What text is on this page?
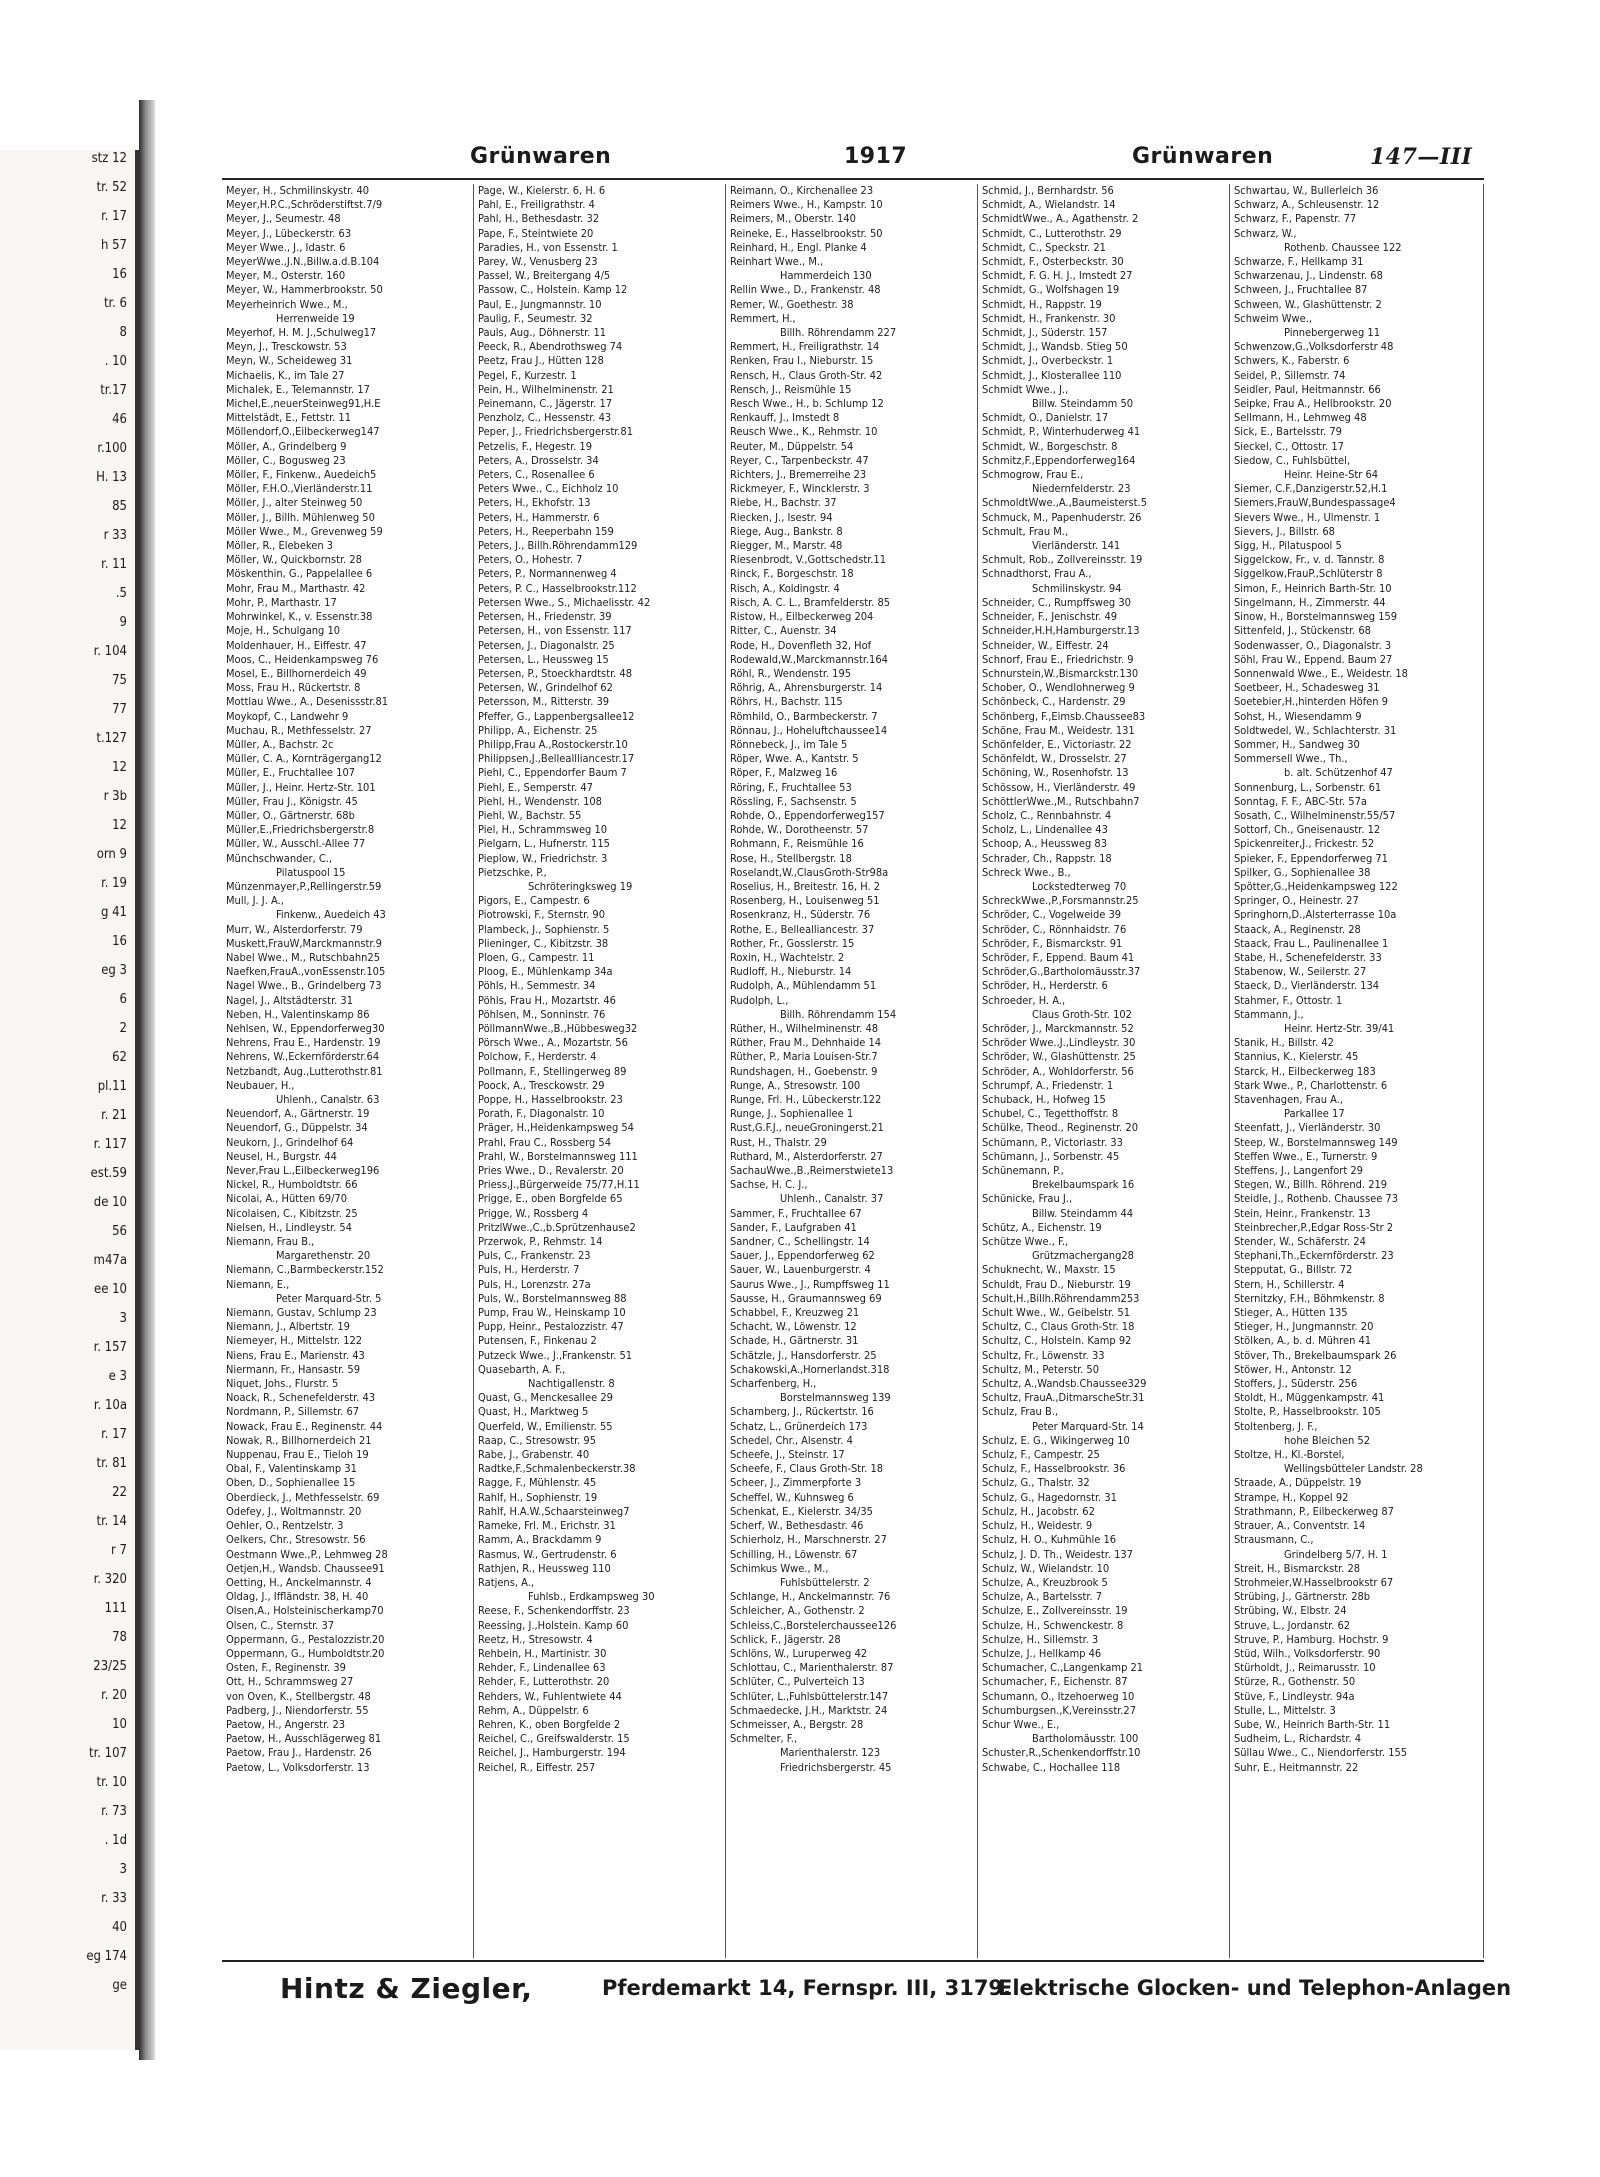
stz 12
tr. 52
r. 17
h 57
16
tr. 6
8
. 10
tr.17
46
r.100
H. 13
85
r 33
r. 11
.5
9
r. 104
75
77
t.127
12
r 3b
12
orn 9
r. 19
g 41
16
eg 3
6
2
62
pl.11
r. 21
r. 117
est.59
de 10
56
m47a
ee 10
3
r. 157
e 3
r. 10a
r. 17
tr. 81
22
tr. 14
r 7
r. 320
111
78
23/25
r. 20
10
tr. 107
tr. 10
r. 73
. 1d
3
r. 33
40
eg 174
ge
Grünwaren	1917	Grünwaren	147—III
Meyer, H., Schmilinskystr. 40
Meyer,H.P.C.,Schröderstiftst.7/9
Meyer, J., Seumestr. 48
Meyer, J., Lübeckerstr. 63
Meyer Wwe., J., Idastr. 6
MeyerWwe.,J.N.,Billw.a.d.B.104
Meyer, M., Osterstr. 160
Meyer, W., Hammerbrookstr. 50
Meyerheinrich Wwe., M.,
Herrenweide 19
Meyerhof, H. M. J.,Schulweg17
Meyn, J., Tresckowstr. 53
Meyn, W., Scheideweg 31
Michaelis, K., im Tale 27
Michalek, E., Telemannstr. 17
Michel,E.,neuerSteinweg91,H.E
Mittelstädt, E., Fettstr. 11
Möllendorf,O.,Eilbeckerweg147
Möller, A., Grindelberg 9
Möller, C., Bogusweg 23
Möller, F., Finkenw., Auedeich5
Möller, F.H.O.,Vierländerstr.11
Möller, J., alter Steinweg 50
Möller, J., Billh. Mühlenweg 50
Möller Wwe., M., Grevenweg 59
Möller, R., Elebeken 3
Möller, W., Quickbornstr. 28
Möskenthin, G., Pappelallee 6
Mohr, Frau M., Marthastr. 42
Mohr, P., Marthastr. 17
Mohrwinkel, K., v. Essenstr.38
Moje, H., Schulgang 10
Moldenhauer, H., Eiffestr. 47
Moos, C., Heidenkampsweg 76
Mosel, E., Billhornerdeich 49
Moss, Frau H., Rückertstr. 8
Mottlau Wwe., A., Desenissstr.81
Moykopf, C., Landwehr 9
Muchau, R., Methfesselstr. 27
Müller, A., Bachstr. 2c
Müller, C. A., Kornträgergang12
Müller, E., Fruchtallee 107
Müller, J., Heinr. Hertz-Str. 101
Müller, Frau J., Königstr. 45
Müller, O., Gärtnerstr. 68b
Müller,E.,Friedrichsbergerstr.8
Müller, W., Ausschl.-Allee 77
Münchschwander, C.,
Pilatuspool 15
Münzenmayer,P.,Rellingerstr.59
Mull, J. J. A.,
Finkenw., Auedeich 43
Murr, W., Alsterdorferstr. 79
Muskett,FrauW,Marckmannstr.9
Nabel Wwe., M., Rutschbahn25
Naefken,FrauA.,vonEssenstr.105
Nagel Wwe., B., Grindelberg 73
Nagel, J., Altstädterstr. 31
Neben, H., Valentinskamp 86
Nehlsen, W., Eppendorferweg30
Nehrens, Frau E., Hardenstr. 19
Nehrens, W.,Eckernförderstr.64
Netzbandt, Aug.,Lutterothstr.81
Neubauer, H.,
Uhlenh., Canalstr. 63
Neuendorf, A., Gärtnerstr. 19
Neuendorf, G., Düppelstr. 34
Neukorn, J., Grindelhof 64
Neusel, H., Burgstr. 44
Never,Frau L.,Eilbeckerweg196
Nickel, R., Humboldtstr. 66
Nicolai, A., Hütten 69/70
Nicolaisen, C., Kibitzstr. 25
Nielsen, H., Lindleystr. 54
Niemann, Frau B.,
Margarethenstr. 20
Niemann, C.,Barmbeckerstr.152
Niemann, E.,
Peter Marquard-Str. 5
Niemann, Gustav, Schlump 23
Niemann, J., Albertstr. 19
Niemeyer, H., Mittelstr. 122
Niens, Frau E., Marienstr. 43
Niermann, Fr., Hansastr. 59
Niquet, Johs., Flurstr. 5
Noack, R., Schenefelderstr. 43
Nordmann, P., Sillemstr. 67
Nowack, Frau E., Reginenstr. 44
Nowak, R., Billhornerdeich 21
Nuppenau, Frau E., Tieloh 19
Obal, F., Valentinskamp 31
Oben, D., Sophienallee 15
Oberdieck, J., Methfesselstr. 69
Odefey, J., Woltmannstr. 20
Oehler, O., Rentzelstr. 3
Oelkers, Chr., Stresowstr. 56
Oestmann Wwe.,P., Lehmweg 28
Oetjen,H., Wandsb. Chaussee91
Oetting, H., Anckelmannstr. 4
Oldag, J., Iffländstr. 38, H. 40
Olsen,A., Holsteinischerkamp70
Olsen, C., Sternstr. 37
Oppermann, G., Pestalozzistr.20
Oppermann, G., Humboldtstr.20
Osten, F., Reginenstr. 39
Ott, H., Schrammsweg 27
von Oven, K., Stellbergstr. 48
Padberg, J., Niendorferstr. 55
Paetow, H., Angerstr. 23
Paetow, H., Ausschlägerweg 81
Paetow, Frau J., Hardenstr. 26
Paetow, L., Volksdorferstr. 13
Page, W., Kielerstr. 6, H. 6
Pahl, E., Freiligrathstr. 4
Pahl, H., Bethesdastr. 32
Pape, F., Steintwiete 20
Paradies, H., von Essenstr. 1
Parey, W., Venusberg 23
Passel, W., Breitergang 4/5
Passow, C., Holstein. Kamp 12
Paul, E., Jungmannstr. 10
Paulig, F., Seumestr. 32
Pauls, Aug., Döhnerstr. 11
Peeck, R., Abendrothsweg 74
Peetz, Frau J., Hütten 128
Pegel, F., Kurzestr. 1
Pein, H., Wilhelminenstr. 21
Peinemann, C., Jägerstr. 17
Penzholz, C., Hessenstr. 43
Peper, J., Friedrichsbergerstr.81
Petzelis, F., Hegestr. 19
Peters, A., Drosselstr. 34
Peters, C., Rosenallee 6
Peters Wwe., C., Eichholz 10
Peters, H., Ekhofstr. 13
Peters, H., Hammerstr. 6
Peters, H., Reeperbahn 159
Peters, J., Billh.Röhrendamm129
Peters, O., Hohestr. 7
Peters, P., Normannenweg 4
Peters, P. C., Hasselbrookstr.112
Petersen Wwe., S., Michaelisstr. 42
Petersen, H., Friedenstr. 39
Petersen, H., von Essenstr. 117
Petersen, J., Diagonalstr. 25
Petersen, L., Heussweg 15
Petersen, P., Stoeckhardtstr. 48
Petersen, W., Grindelhof 62
Petersson, M., Ritterstr. 39
Pfeffer, G., Lappenbergsallee12
Philipp, A., Eichenstr. 25
Philipp,Frau A.,Rostockerstr.10
Philippsen,J.,Belleallliancestr.17
Piehl, C., Eppendorfer Baum 7
Piehl, E., Semperstr. 47
Piehl, H., Wendenstr. 108
Piehl, W., Bachstr. 55
Piel, H., Schrammsweg 10
Pielgarn, L., Hufnerstr. 115
Pieplow, W., Friedrichstr. 3
Pietzschke, P.,
Schröteringksweg 19
Pigors, E., Campestr. 6
Piotrowski, F., Sternstr. 90
Plambeck, J., Sophienstr. 5
Plieninger, C., Kibitzstr. 38
Ploen, G., Campestr. 11
Ploog, E., Mühlenkamp 34a
Pöhls, H., Semmestr. 34
Pöhls, Frau H., Mozartstr. 46
Pöhlsen, M., Sonninstr. 76
PöllmannWwe.,B.,Hübbesweg32
Pörsch Wwe., A., Mozartstr. 56
Polchow, F., Herderstr. 4
Pollmann, F., Stellingerweg 89
Poock, A., Tresckowstr. 29
Poppe, H., Hasselbrookstr. 23
Porath, F., Diagonalstr. 10
Präger, H.,Heidenkampsweg 54
Prahl, Frau C., Rossberg 54
Prahl, W., Borstelmannsweg 111
Pries Wwe., D., Revalerstr. 20
Priess,J.,Bürgerweide 75/77,H.11
Prigge, E., oben Borgfelde 65
Prigge, W., Rossberg 4
PritzlWwe.,C.,b.Sprützenhause2
Przerwok, P., Rehmstr. 14
Puls, C., Frankenstr. 23
Puls, H., Herderstr. 7
Puls, H., Lorenzstr. 27a
Puls, W., Borstelmannsweg 88
Pump, Frau W., Heinskamp 10
Pupp, Heinr., Pestalozzistr. 47
Putensen, F., Finkenau 2
Putzeck Wwe., J.,Frankenstr. 51
Quasebarth, A. F.,
Nachtigallenstr. 8
Quast, G., Menckesallee 29
Quast, H., Marktweg 5
Querfeld, W., Emilienstr. 55
Raap, C., Stresowstr. 95
Rabe, J., Grabenstr. 40
Radtke,F.,Schmalenbeckerstr.38
Ragge, F., Mühlenstr. 45
Rahlf, H., Sophienstr. 19
Rahlf, H.A.W.,Schaarsteinweg7
Rameke, Frl. M., Erichstr. 31
Ramm, A., Brackdamm 9
Rasmus, W., Gertrudenstr. 6
Rathjen, R., Heussweg 110
Ratjens, A.,
Fuhlsb., Erdkampsweg 30
Reese, F., Schenkendorffstr. 23
Reessing, J.,Holstein. Kamp 60
Reetz, H., Stresowstr. 4
Rehbein, H., Martinistr. 30
Rehder, F., Lindenallee 63
Rehder, F., Lutterothstr. 20
Rehders, W., Fuhlentwiete 44
Rehm, A., Düppelstr. 6
Rehren, K., oben Borgfelde 2
Reichel, C., Greifswalderstr. 15
Reichel, J., Hamburgerstr. 194
Reichel, R., Eiffestr. 257
Reimann, O., Kirchenallee 23
Reimers Wwe., H., Kampstr. 10
Reimers, M., Oberstr. 140
Reineke, E., Hasselbrookstr. 50
Reinhard, H., Engl. Planke 4
Reinhart Wwe., M.,
Hammerdeich 130
Rellin Wwe., D., Frankenstr. 48
Remer, W., Goethestr. 38
Remmert, H.,
Billh. Röhrendamm 227
Remmert, H., Freiligrathstr. 14
Renken, Frau I., Nieburstr. 15
Rensch, H., Claus Groth-Str. 42
Rensch, J., Reismühle 15
Resch Wwe., H., b. Schlump 12
Renkauff, J., Imstedt 8
Reusch Wwe., K., Rehmstr. 10
Reuter, M., Düppelstr. 54
Reyer, C., Tarpenbeckstr. 47
Richters, J., Bremerreihe 23
Rickmeyer, F., Wincklerstr. 3
Riebe, H., Bachstr. 37
Riecken, J., Isestr. 94
Riege, Aug., Bankstr. 8
Riegger, M., Marstr. 48
Riesenbrodt, V.,Gottschedstr.11
Rinck, F., Borgeschstr. 18
Risch, A., Koldingstr. 4
Risch, A. C. L., Bramfelderstr. 85
Ristow, H., Eilbeckerweg 204
Ritter, C., Auenstr. 34
Rode, H., Dovenfleth 32, Hof
Rodewald,W.,Marckmannstr.164
Röhl, R., Wendenstr. 195
Röhrig, A., Ahrensburgerstr. 14
Röhrs, H., Bachstr. 115
Römhild, O., Barmbeckerstr. 7
Rönnau, J., Hoheluftchaussee14
Rönnebeck, J., im Tale 5
Röper, Wwe. A., Kantstr. 5
Röper, F., Malzweg 16
Röring, F., Fruchtallee 53
Rössling, F., Sachsenstr. 5
Rohde, O., Eppendorferweg157
Rohde, W., Dorotheenstr. 57
Rohmann, F., Reismühle 16
Rose, H., Stellbergstr. 18
Roselandt,W.,ClausGroth-Str98a
Roselius, H., Breitestr. 16, H. 2
Rosenberg, H., Louisenweg 51
Rosenkranz, H., Süderstr. 76
Rothe, E., Bellealliancestr. 37
Rother, Fr., Gosslerstr. 15
Roxin, H., Wachtelstr. 2
Rudloff, H., Nieburstr. 14
Rudolph, A., Mühlendamm 51
Rudolph, L.,
Billh. Röhrendamm 154
Rüther, H., Wilhelminenstr. 48
Rüther, Frau M., Dehnhaide 14
Rüther, P., Maria Louisen-Str.7
Rundshagen, H., Goebenstr. 9
Runge, A., Stresowstr. 100
Runge, Frl. H., Lübeckerstr.122
Runge, J., Sophienallee 1
Rust,G.F.J., neueGroningerst.21
Rust, H., Thalstr. 29
Ruthard, M., Alsterdorferstr. 27
SachauWwe.,B.,Reimerstwiete13
Sachse, H. C. J.,
Uhlenh., Canalstr. 37
Sammer, F., Fruchtallee 67
Sander, F., Laufgraben 41
Sandner, C., Schellingstr. 14
Sauer, J., Eppendorferweg 62
Sauer, W., Lauenburgerstr. 4
Saurus Wwe., J., Rumpffsweg 11
Sausse, H., Graumannsweg 69
Schabbel, F., Kreuzweg 21
Schacht, W., Löwenstr. 12
Schade, H., Gärtnerstr. 31
Schätzle, J., Hansdorferstr. 25
Schakowski,A.,Hornerlandst.318
Scharfenberg, H.,
Borstelmannsweg 139
Scharnberg, J., Rückertstr. 16
Schatz, L., Grünerdeich 173
Schedel, Chr., Alsenstr. 4
Scheefe, J., Steinstr. 17
Scheefe, F., Claus Groth-Str. 18
Scheer, J., Zimmerpforte 3
Scheffel, W., Kuhnsweg 6
Schenkat, E., Kielerstr. 34/35
Scherf, W., Bethesdastr. 46
Schierholz, H., Marschnerstr. 27
Schilling, H., Löwenstr. 67
Schimkus Wwe., M.,
Fuhlsbüttelerstr. 2
Schlange, H., Anckelmannstr. 76
Schleicher, A., Gothenstr. 2
Schleiss,C.,Borstelerchaussee126
Schlick, F., Jägerstr. 28
Schlöns, W., Luruperweg 42
Schlottau, C., Marienthalerstr. 87
Schlüter, C., Pulverteich 13
Schlüter, L.,Fuhlsbüttelerstr.147
Schmaedecke, J.H., Marktstr. 24
Schmeisser, A., Bergstr. 28
Schmelter, F.,
Marienthalerstr. 123
Friedrichsbergerstr. 45
Schmid, J., Bernhardstr. 56
Schmidt, A., Wielandstr. 14
SchmidtWwe., A., Agathenstr. 2
Schmidt, C., Lutterothstr. 29
Schmidt, C., Speckstr. 21
Schmidt, F., Osterbeckstr. 30
Schmidt, F. G. H. J., Imstedt 27
Schmidt, G., Wolfshagen 19
Schmidt, H., Rappstr. 19
Schmidt, H., Frankenstr. 30
Schmidt, J., Süderstr. 157
Schmidt, J., Wandsb. Stieg 50
Schmidt, J., Overbeckstr. 1
Schmidt, J., Klosterallee 110
Schmidt Wwe., J.,
Billw. Steindamm 50
Schmidt, O., Danielstr. 17
Schmidt, P., Winterhuderweg 41
Schmidt, W., Borgeschstr. 8
Schmitz,F.,Eppendorferweg164
Schmogrow, Frau E.,
Niedernfelderstr. 23
SchmoldtWwe.,A.,Baumeisterst.5
Schmuck, M., Papenhuderstr. 26
Schmult, Frau M.,
Vierländerstr. 141
Schmult, Rob., Zollvereinsstr. 19
Schnadthorst, Frau A.,
Schmilinskystr. 94
Schneider, C., Rumpffsweg 30
Schneider, F., Jenischstr. 49
Schneider,H.H,Hamburgerstr.13
Schneider, W., Eiffestr. 24
Schnorf, Frau E., Friedrichstr. 9
Schnurstein,W.,Bismarckstr.130
Schober, O., Wendlohnerweg 9
Schönbeck, C., Hardenstr. 29
Schönberg, F.,Eimsb.Chaussee83
Schöne, Frau M., Weidestr. 131
Schönfelder, E., Victoriastr. 22
Schönfeldt, W., Drosselstr. 27
Schöning, W., Rosenhofstr. 13
Schössow, H., Vierländerstr. 49
SchöttlerWwe.,M., Rutschbahn7
Scholz, C., Rennbahnstr. 4
Scholz, L., Lindenallee 43
Schoop, A., Heussweg 83
Schrader, Ch., Rappstr. 18
Schreck Wwe., B.,
Lockstedterweg 70
SchreckWwe.,P.,Forsmannstr.25
Schröder, C., Vogelweide 39
Schröder, C., Rönnhaidstr. 76
Schröder, F., Bismarckstr. 91
Schröder, F., Eppend. Baum 41
Schröder,G.,Bartholomäusstr.37
Schröder, H., Herderstr. 6
Schroeder, H. A.,
Claus Groth-Str. 102
Schröder, J., Marckmannstr. 52
Schröder Wwe.,J.,Lindleystr. 30
Schröder, W., Glashüttenstr. 25
Schröder, A., Wohldorferstr. 56
Schrumpf, A., Friedenstr. 1
Schuback, H., Hofweg 15
Schubel, C., Tegetthoffstr. 8
Schülke, Theod., Reginenstr. 20
Schümann, P., Victoriastr. 33
Schümann, J., Sorbenstr. 45
Schünemann, P.,
Brekelbaumspark 16
Schünicke, Frau J.,
Billw. Steindamm 44
Schütz, A., Eichenstr. 19
Schütze Wwe., F.,
Grützmachergang28
Schuknecht, W., Maxstr. 15
Schuldt, Frau D., Nieburstr. 19
Schult,H.,Billh.Röhrendamm253
Schult Wwe., W., Geibelstr. 51
Schultz, C., Claus Groth-Str. 18
Schultz, C., Holstein. Kamp 92
Schultz, Fr., Löwenstr. 33
Schultz, M., Peterstr. 50
Schultz, A.,Wandsb.Chaussee329
Schultz, FrauA.,DitmarscheStr.31
Schulz, Frau B.,
Peter Marquard-Str. 14
Schulz, E. G., Wikingerweg 10
Schulz, F., Campestr. 25
Schulz, F., Hasselbrookstr. 36
Schulz, G., Thalstr. 32
Schulz, G., Hagedornstr. 31
Schulz, H., Jacobstr. 62
Schulz, H., Weidestr. 9
Schulz, H. O., Kuhmühle 16
Schulz, J. D. Th., Weidestr. 137
Schulz, W., Wielandstr. 10
Schulze, A., Kreuzbrook 5
Schulze, A., Bartelsstr. 7
Schulze, E., Zollvereinsstr. 19
Schulze, H., Schwenckestr. 8
Schulze, H., Sillemstr. 3
Schulze, J., Hellkamp 46
Schumacher, C.,Langenkamp 21
Schumacher, F., Eichenstr. 87
Schumann, O., Itzehoerweg 10
Schumburgsen.,K,Vereinsstr.27
Schur Wwe., E.,
Bartholomäusstr. 100
Schuster,R.,Schenkendorffstr.10
Schwabe, C., Hochallee 118
Schwartau, W., Bullerleich 36
Schwarz, A., Schleusenstr. 12
Schwarz, F., Papenstr. 77
Schwarz, W.,
Rothenb. Chaussee 122
Schwarze, F., Hellkamp 31
Schwarzenau, J., Lindenstr. 68
Schween, J., Fruchtallee 87
Schween, W., Glashüttenstr. 2
Schweim Wwe.,
Pinnebergerweg 11
Schwenzow,G.,Volksdorferstr 48
Schwers, K., Faberstr. 6
Seidel, P., Sillemstr. 74
Seidler, Paul, Heitmannstr. 66
Seipke, Frau A., Hellbrookstr. 20
Sellmann, H., Lehmweg 48
Sick, E., Bartelsstr. 79
Sieckel, C., Ottostr. 17
Siedow, C., Fuhlsbüttel,
Heinr. Heine-Str 64
Siemer, C.F.,Danzigerstr.52,H.1
Siemers,FrauW,Bundespassage4
Sievers Wwe., H., Ulmenstr. 1
Sievers, J., Billstr. 68
Sigg, H., Pilatuspool 5
Siggelckow, Fr., v. d. Tannstr. 8
Siggelkow,FrauP.,Schlüterstr 8
Simon, F., Heinrich Barth-Str. 10
Singelmann, H., Zimmerstr. 44
Sinow, H., Borstelmannsweg 159
Sittenfeld, J., Stückenstr. 68
Sodenwasser, O., Diagonalstr. 3
Söhl, Frau W., Eppend. Baum 27
Sonnenwald Wwe., E., Weidestr. 18
Soetbeer, H., Schadesweg 31
Soetebier,H.,hinterden Höfen 9
Sohst, H., Wiesendamm 9
Soldtwedel, W., Schlachterstr. 31
Sommer, H., Sandweg 30
Sommersell Wwe., Th.,
b. alt. Schützenhof 47
Sonnenburg, L., Sorbenstr. 61
Sonntag, F. F., ABC-Str. 57a
Sosath, C., Wilhelminenstr.55/57
Sottorf, Ch., Gneisenaustr. 12
Spickenreiter,J., Frickestr. 52
Spieker, F., Eppendorferweg 71
Spilker, G., Sophienallee 38
Spötter,G.,Heidenkampsweg 122
Springer, O., Heinestr. 27
Springhorn,D.,Alsterterrasse 10a
Staack, A., Reginenstr. 28
Staack, Frau L., Paulinenallee 1
Stabe, H., Schenefelderstr. 33
Stabenow, W., Seilerstr. 27
Staeck, D., Vierländerstr. 134
Stahmer, F., Ottostr. 1
Stammann, J.,
Heinr. Hertz-Str. 39/41
Stanik, H., Billstr. 42
Stannius, K., Kielerstr. 45
Starck, H., Eilbeckerweg 183
Stark Wwe., P., Charlottenstr. 6
Stavenhagen, Frau A.,
Parkallee 17
Steenfatt, J., Vierländerstr. 30
Steep, W., Borstelmannsweg 149
Steffen Wwe., E., Turnerstr. 9
Steffens, J., Langenfort 29
Stegen, W., Billh. Röhrend. 219
Steidle, J., Rothenb. Chaussee 73
Stein, Heinr., Frankenstr. 13
Steinbrecher,P.,Edgar Ross-Str 2
Stender, W., Schäferstr. 24
Stephani,Th.,Eckernförderstr. 23
Stepputat, G., Billstr. 72
Stern, H., Schillerstr. 4
Sternitzky, F.H., Böhmkenstr. 8
Stieger, A., Hütten 135
Stieger, H., Jungmannstr. 20
Stölken, A., b. d. Mühren 41
Stöver, Th., Brekelbaumspark 26
Stöwer, H., Antonstr. 12
Stoffers, J., Süderstr. 256
Stoldt, H., Müggenkampstr. 41
Stolte, P., Hasselbrookstr. 105
Stoltenberg, J. F.,
hohe Bleichen 52
Stoltze, H., Kl.-Borstel,
Wellingsbütteler Landstr. 28
Straade, A., Düppelstr. 19
Strampe, H., Koppel 92
Strathmann, P., Eilbeckerweg 87
Strauer, A., Conventstr. 14
Strausmann, C.,
Grindelberg 5/7, H. 1
Streit, H., Bismarckstr. 28
Strohmeier,W.Hasselbrookstr 67
Strübing, J., Gärtnerstr. 28b
Strübing, W., Elbstr. 24
Struve, L., Jordanstr. 62
Struve, P., Hamburg. Hochstr. 9
Stüd, Wilh., Volksdorferstr. 90
Stürholdt, J., Reimarusstr. 10
Stürze, R., Gothenstr. 50
Stüve, F., Lindleystr. 94a
Stulle, L., Mittelstr. 3
Sube, W., Heinrich Barth-Str. 11
Sudheim, L., Richardstr. 4
Süllau Wwe., C., Niendorferstr. 155
Suhr, E., Heitmannstr. 22
Hintz & Ziegler,	Pferdemarkt 14, Fernspr. III, 3179.
Elektrische Glocken- und Telephon-Anlagen
